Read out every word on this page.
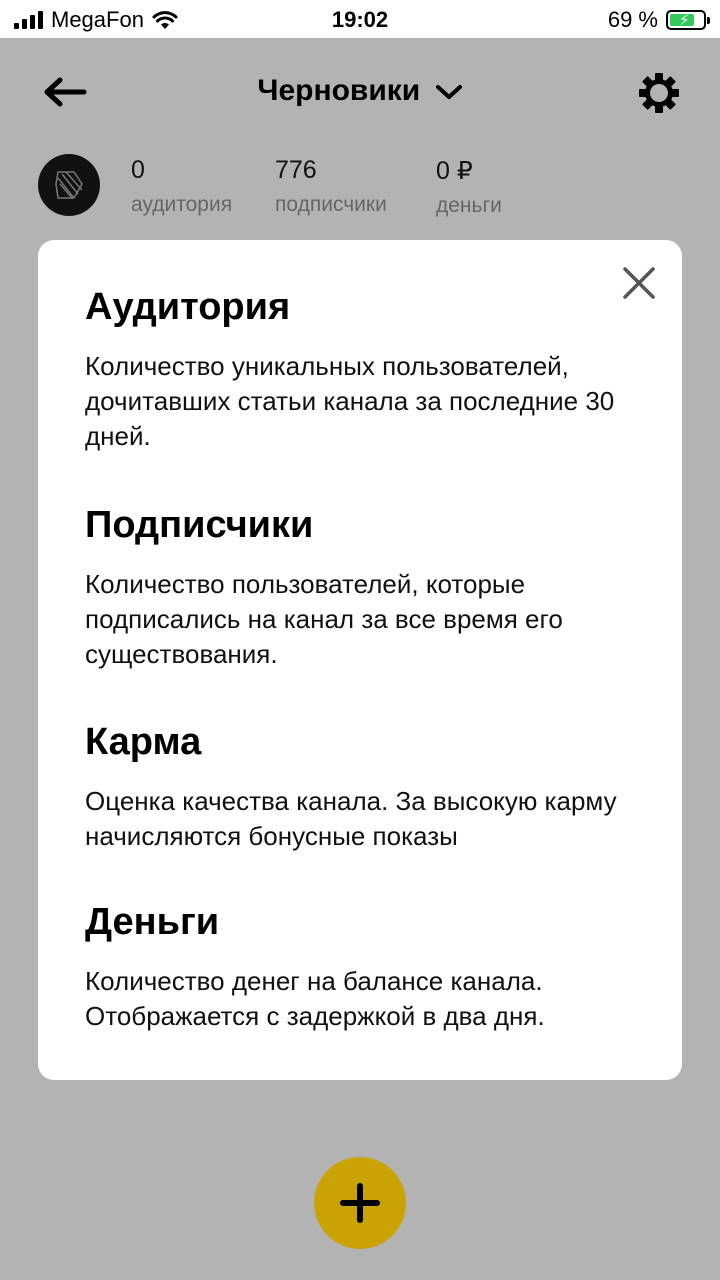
MegaFon	19:02	69 % ⚡
Черновики
0
аудитория
776
подписчики
0 ₽
деньги
Аудитория

Количество уникальных пользователей, дочитавших статьи канала за последние 30 дней.

Подписчики

Количество пользователей, которые подписались на канал за все время его существования.

Карма

Оценка качества канала. За высокую карму начисляются бонусные показы

Деньги

Количество денег на балансе канала. Отображается с задержкой в два дня.
